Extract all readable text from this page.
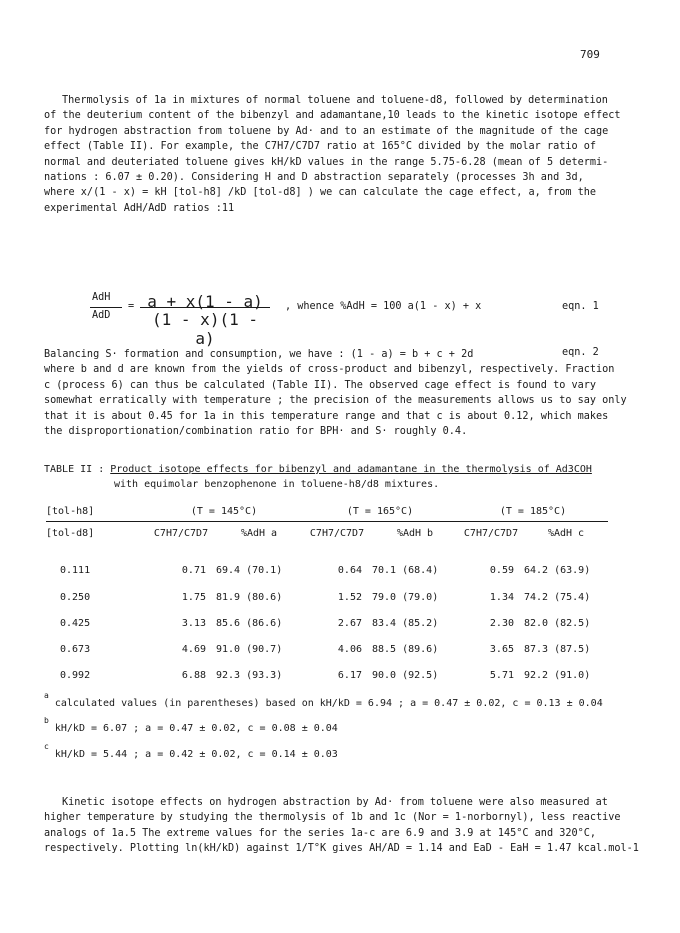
709
Thermolysis of 1a in mixtures of normal toluene and toluene-d8, followed by determination
of the deuterium content of the bibenzyl and adamantane,10 leads to the kinetic isotope effect
for hydrogen abstraction from toluene by Ad· and to an estimate of the magnitude of the cage
effect (Table II). For example, the C7H7/C7D7 ratio at 165°C divided by the molar ratio of
normal and deuteriated toluene gives kH/kD values in the range 5.75-6.28 (mean of 5 determi-
nations : 6.07 ± 0.20). Considering H and D abstraction separately (processes 3h and 3d,
where x/(1 - x) = kH [tol-h8] /kD [tol-d8] ) we can calculate the cage effect, a, from the
experimental AdH/AdD ratios :11
AdH
AdD
= a + x(1 - a)
(1 - x)(1 - a)
, whence %AdH = 100 a(1 - x) + x	eqn. 1
Balancing S· formation and consumption, we have : (1 - a) = b + c + 2d
where b and d are known from the yields of cross-product and bibenzyl, respectively. Fraction
c (process 6) can thus be calculated (Table II). The observed cage effect is found to vary
somewhat erratically with temperature ; the precision of the measurements allows us to say only
that it is about 0.45 for 1a in this temperature range and that c is about 0.12, which makes
the disproportionation/combination ratio for BPH· and S· roughly 0.4.
eqn. 2
TABLE II : Product isotope effects for bibenzyl and adamantane in the thermolysis of Ad3COH
with equimolar benzophenone in toluene-h8/d8 mixtures.
[tol-h8]	(T = 145°C)		(T = 165°C)		(T = 185°C)	
[tol-d8]	C7H7/C7D7	%AdH a	C7H7/C7D7	%AdH b	C7H7/C7D7	%AdH c

0.111	0.71	69.4 (70.1)	0.64	70.1 (68.4)	0.59	64.2 (63.9)
0.250	1.75	81.9 (80.6)	1.52	79.0 (79.0)	1.34	74.2 (75.4)
0.425	3.13	85.6 (86.6)	2.67	83.4 (85.2)	2.30	82.0 (82.5)
0.673	4.69	91.0 (90.7)	4.06	88.5 (89.6)	3.65	87.3 (87.5)
0.992	6.88	92.3 (93.3)	6.17	90.0 (92.5)	5.71	92.2 (91.0)
$^a$ calculated values (in parentheses) based on kH/kD = 6.94 ; a = 0.47 ± 0.02, c = 0.13 ± 0.04
$^b$ kH/kD = 6.07 ; a = 0.47 ± 0.02, c = 0.08 ± 0.04
$^c$ kH/kD = 5.44 ; a = 0.42 ± 0.02, c = 0.14 ± 0.03
Kinetic isotope effects on hydrogen abstraction by Ad· from toluene were also measured at
higher temperature by studying the thermolysis of 1b and 1c (Nor = 1-norbornyl), less reactive
analogs of 1a.5 The extreme values for the series 1a-c are 6.9 and 3.9 at 145°C and 320°C,
respectively. Plotting ln(kH/kD) against 1/T°K gives AH/AD = 1.14 and EaD - EaH = 1.47 kcal.mol-1
